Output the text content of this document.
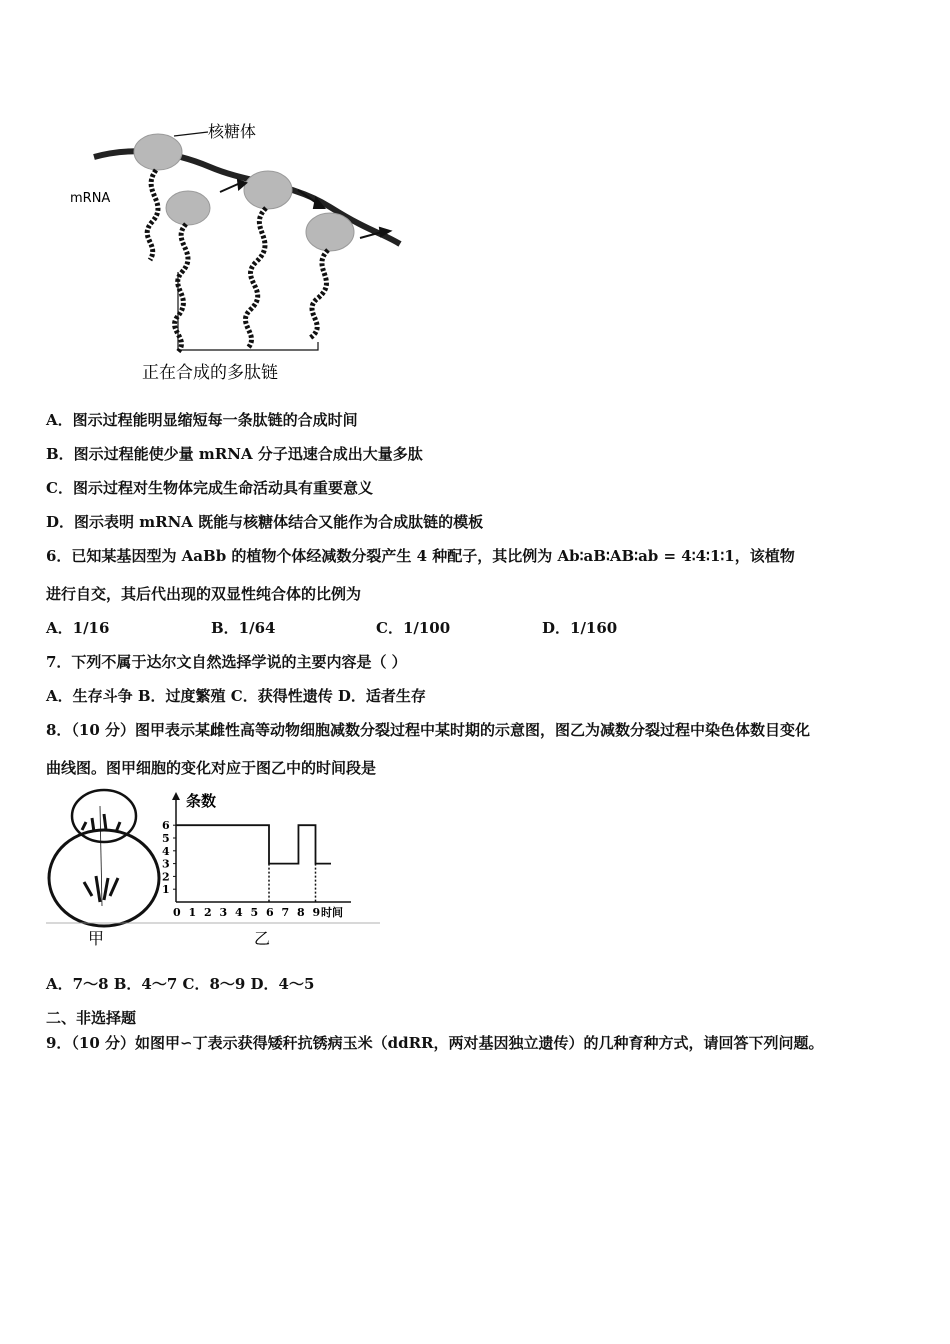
核糖体
mRNA
正在合成的多肽链
A．图示过程能明显缩短每一条肽链的合成时间
B．图示过程能使少量 mRNA 分子迅速合成出大量多肽
C．图示过程对生物体完成生命活动具有重要意义
D．图示表明 mRNA 既能与核糖体结合又能作为合成肽链的模板
6．已知某基因型为 AaBb 的植物个体经减数分裂产生 4 种配子，其比例为 Ab∶aB∶AB∶ab = 4∶4∶1∶1，该植物
进行自交，其后代出现的双显性纯合体的比例为
A．1/16	B．1/64	C．1/100	D．1/160
7．下列不属于达尔文自然选择学说的主要内容是（ ）
A．生存斗争 B．过度繁殖 C．获得性遗传 D．适者生存
8．（10 分）图甲表示某雌性高等动物细胞减数分裂过程中某时期的示意图，图乙为减数分裂过程中染色体数目变化
曲线图。图甲细胞的变化对应于图乙中的时间段是
条数
1
2
3
4
5
6
0 1 2 3 4 5 6 7 8 9 时间
甲	乙
A．7～8 B．4～7 C．8～9 D．4～5
二、非选择题
9．（10 分）如图甲∽丁表示获得矮秆抗锈病玉米（ddRR，两对基因独立遗传）的几种育种方式，请回答下列问题。
